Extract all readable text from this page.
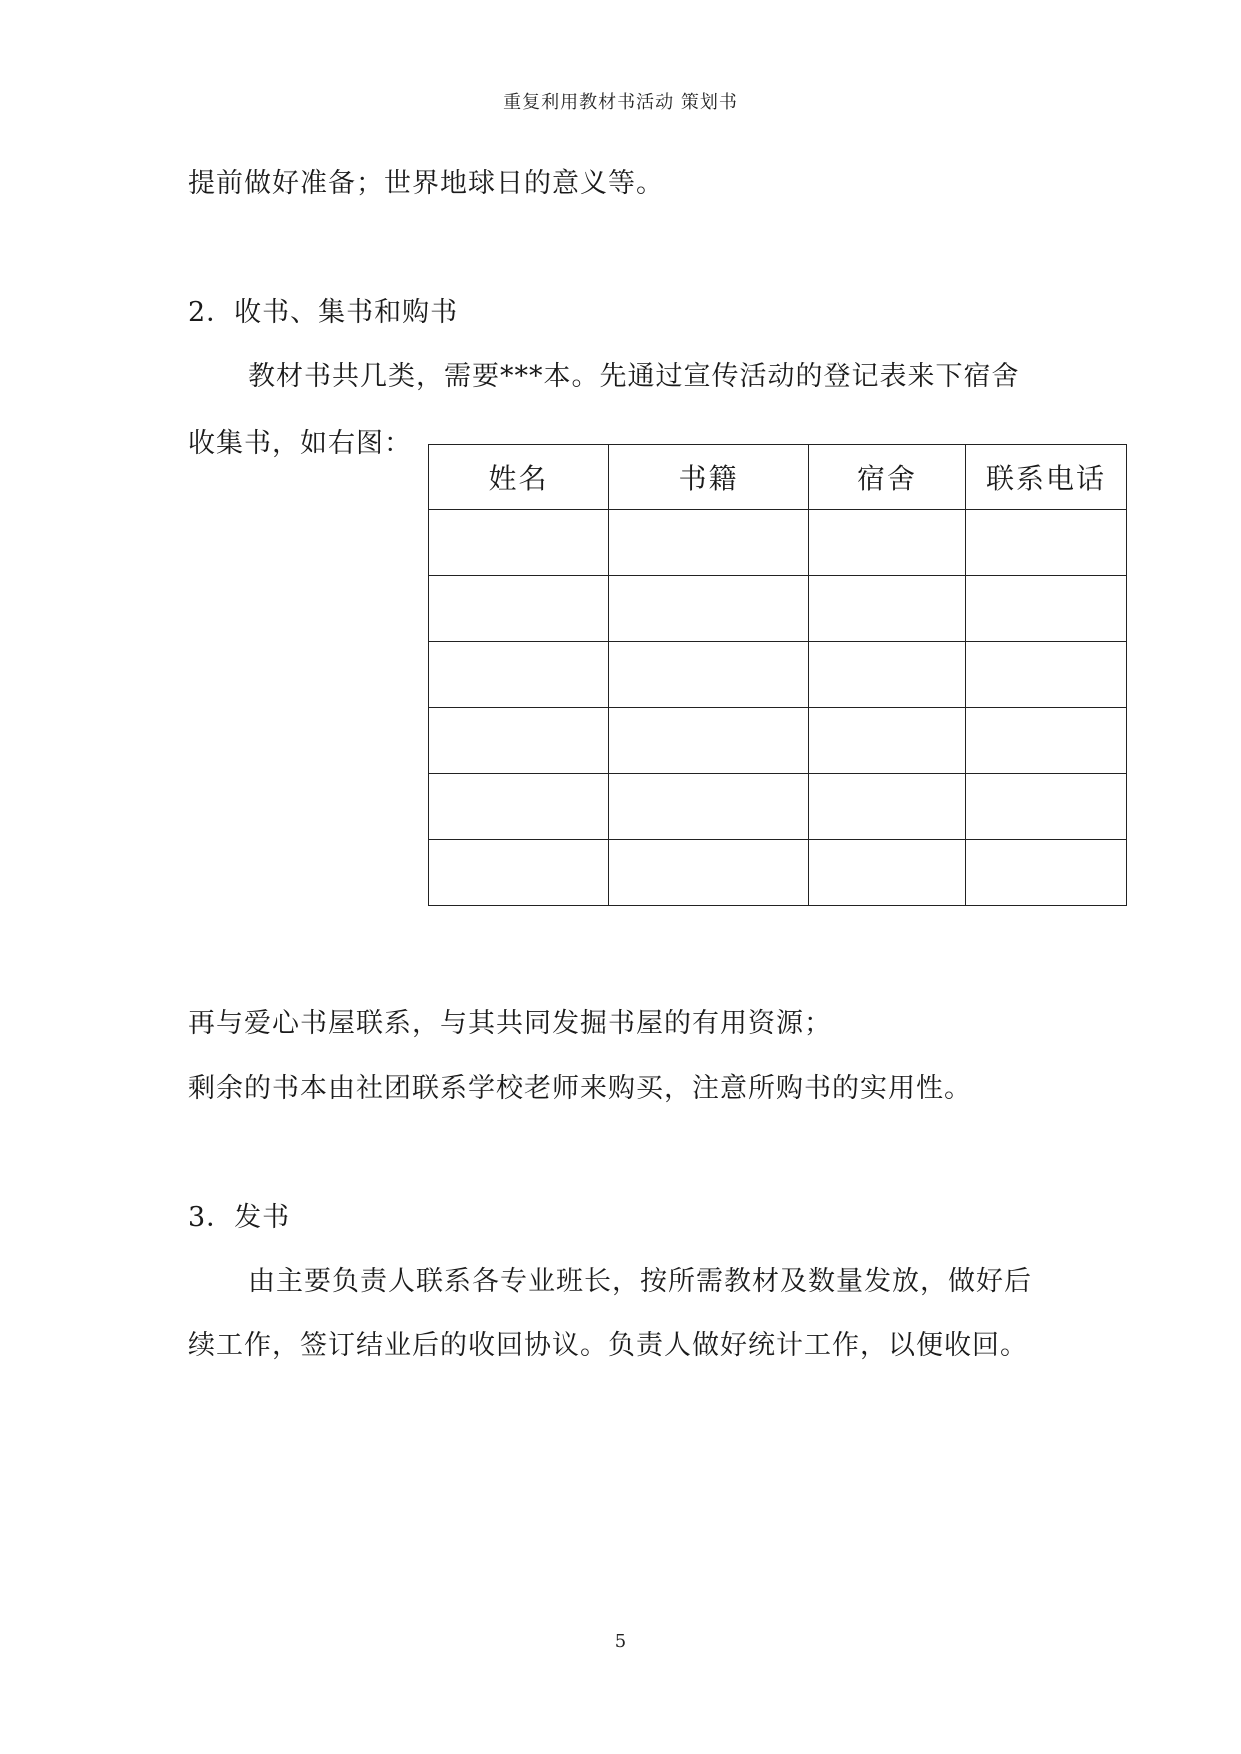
重复利用教材书活动 策划书
提前做好准备；世界地球日的意义等。
2．收书、集书和购书
教材书共几类，需要***本。先通过宣传活动的登记表来下宿舍
收集书，如右图：
姓名	书籍	宿舍	联系电话

再与爱心书屋联系，与其共同发掘书屋的有用资源；
剩余的书本由社团联系学校老师来购买，注意所购书的实用性。
3．发书
由主要负责人联系各专业班长，按所需教材及数量发放，做好后
续工作，签订结业后的收回协议。负责人做好统计工作，以便收回。
5
